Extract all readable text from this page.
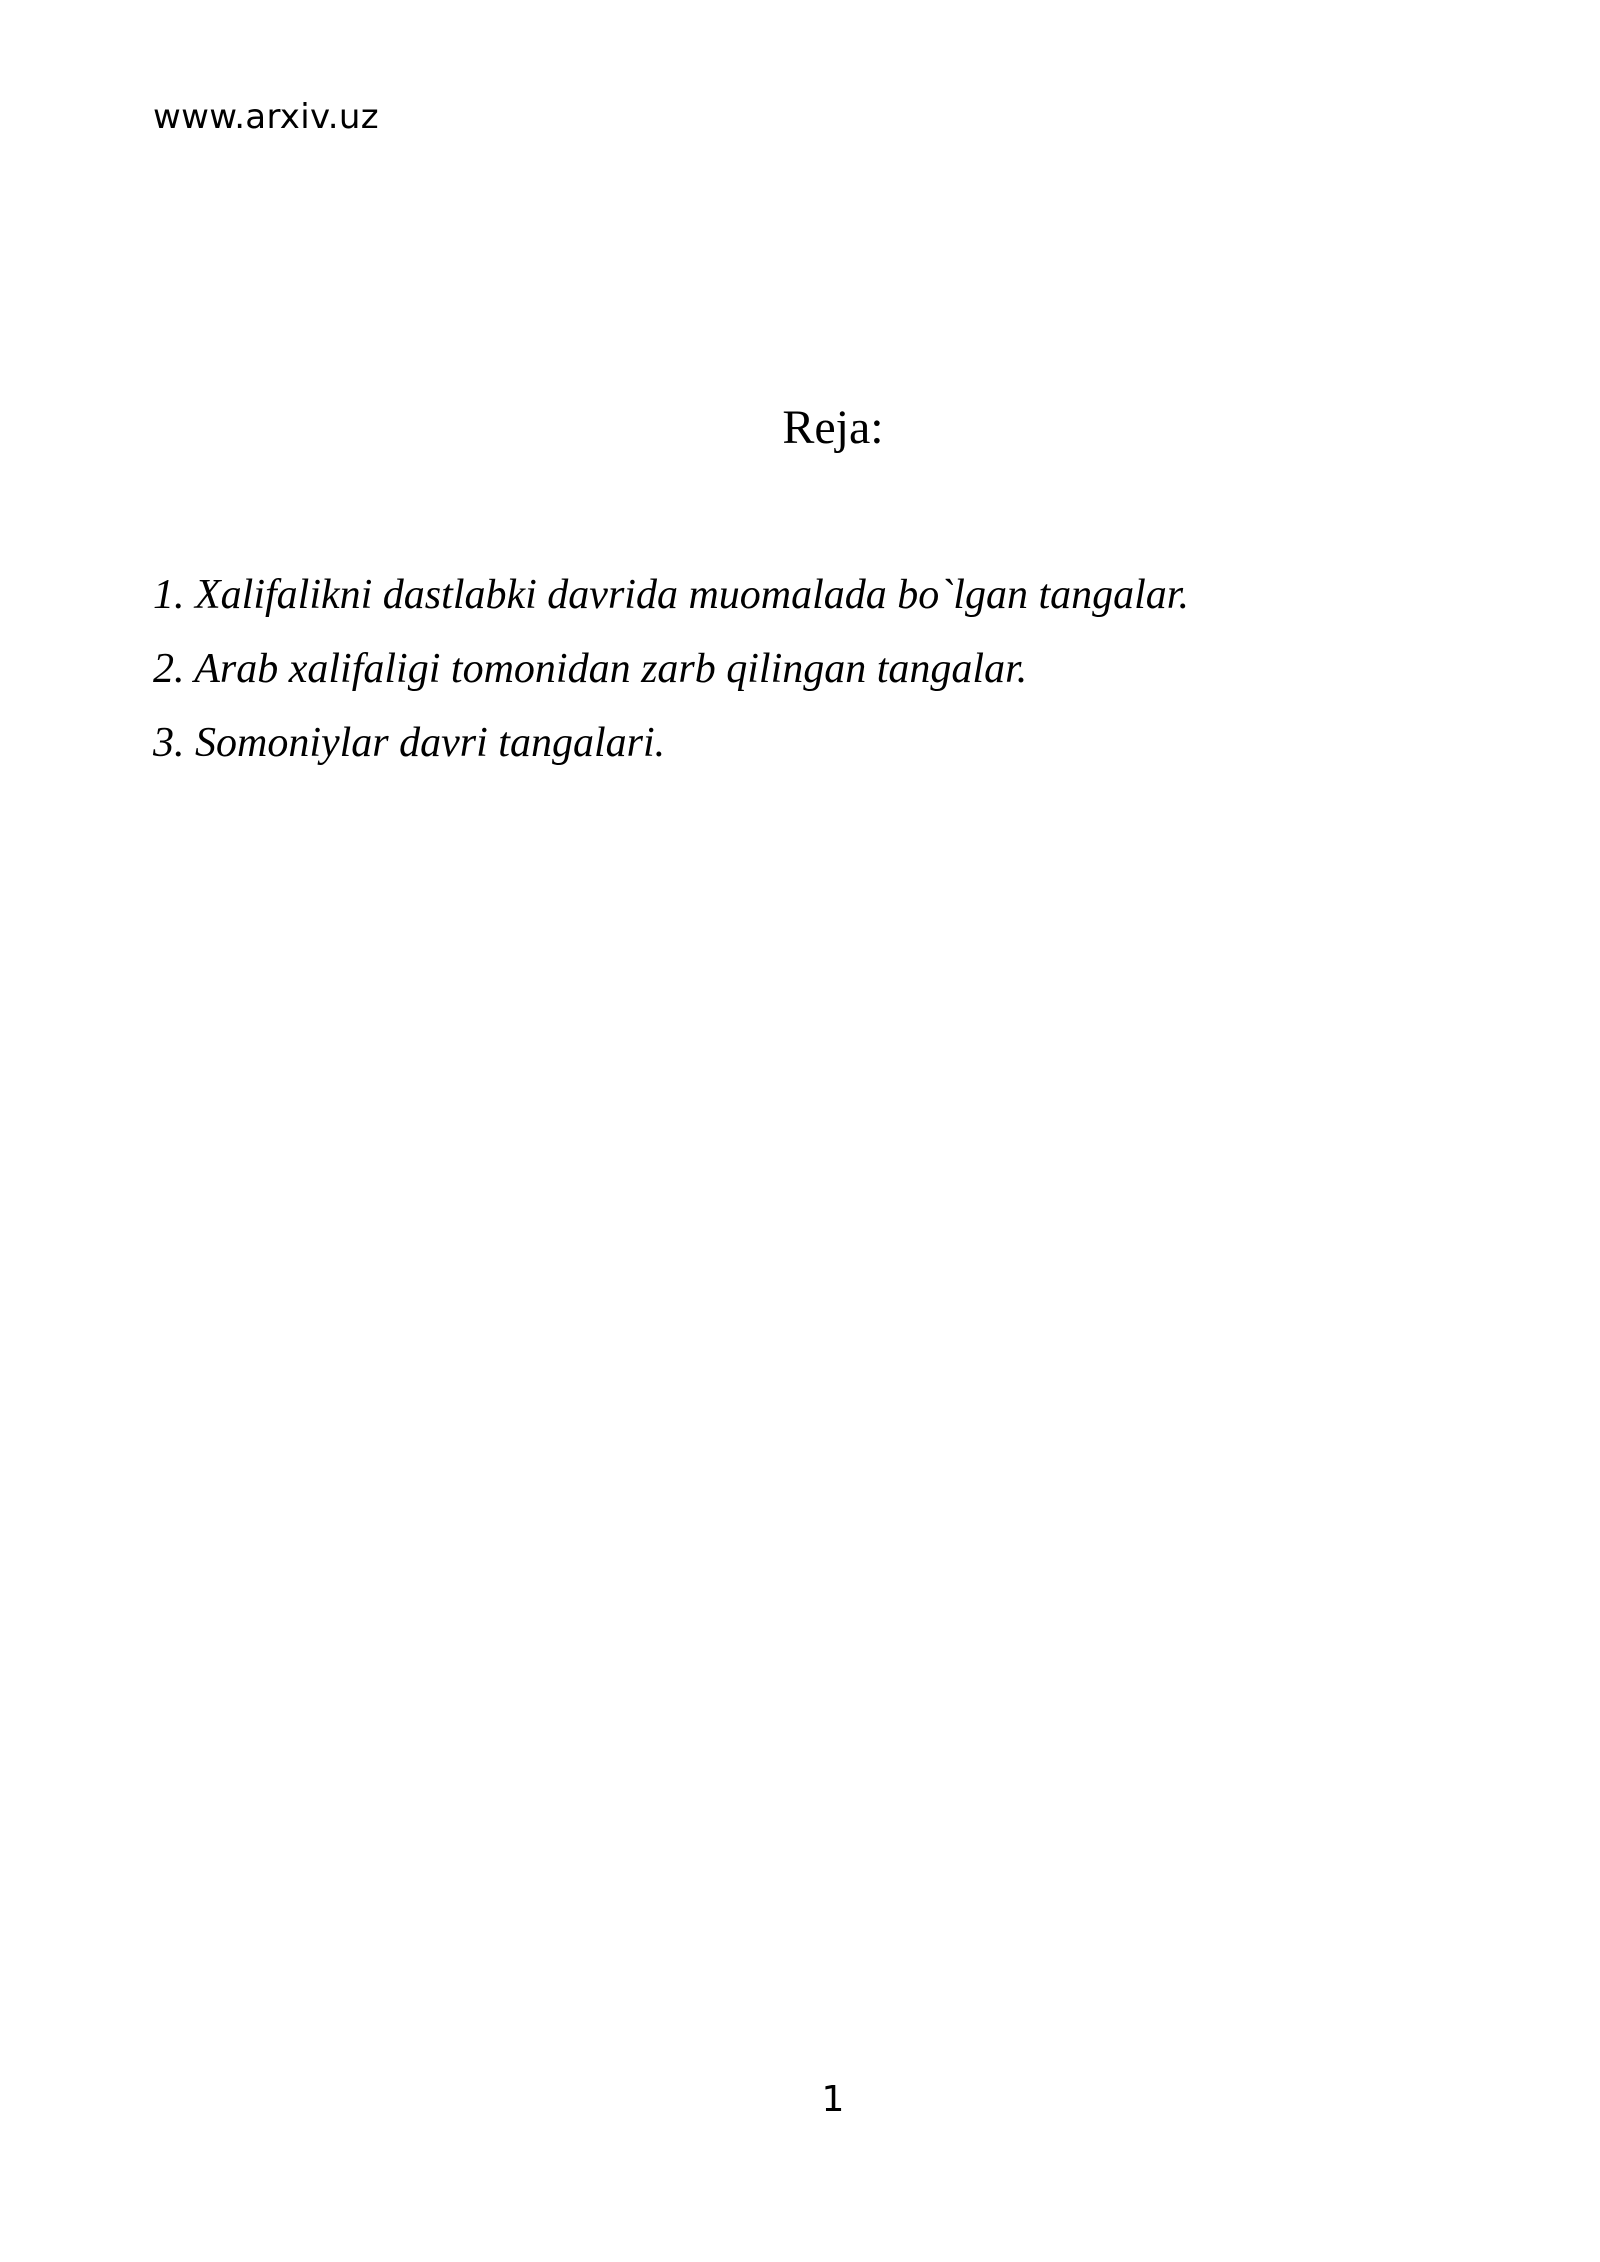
www.arxiv.uz
Reja:
1. Xalifalikni dastlabki davrida muomalada bo`lgan tangalar.
2. Arab xalifaligi tomonidan zarb qilingan tangalar.
3. Somoniylar davri tangalari.
1
